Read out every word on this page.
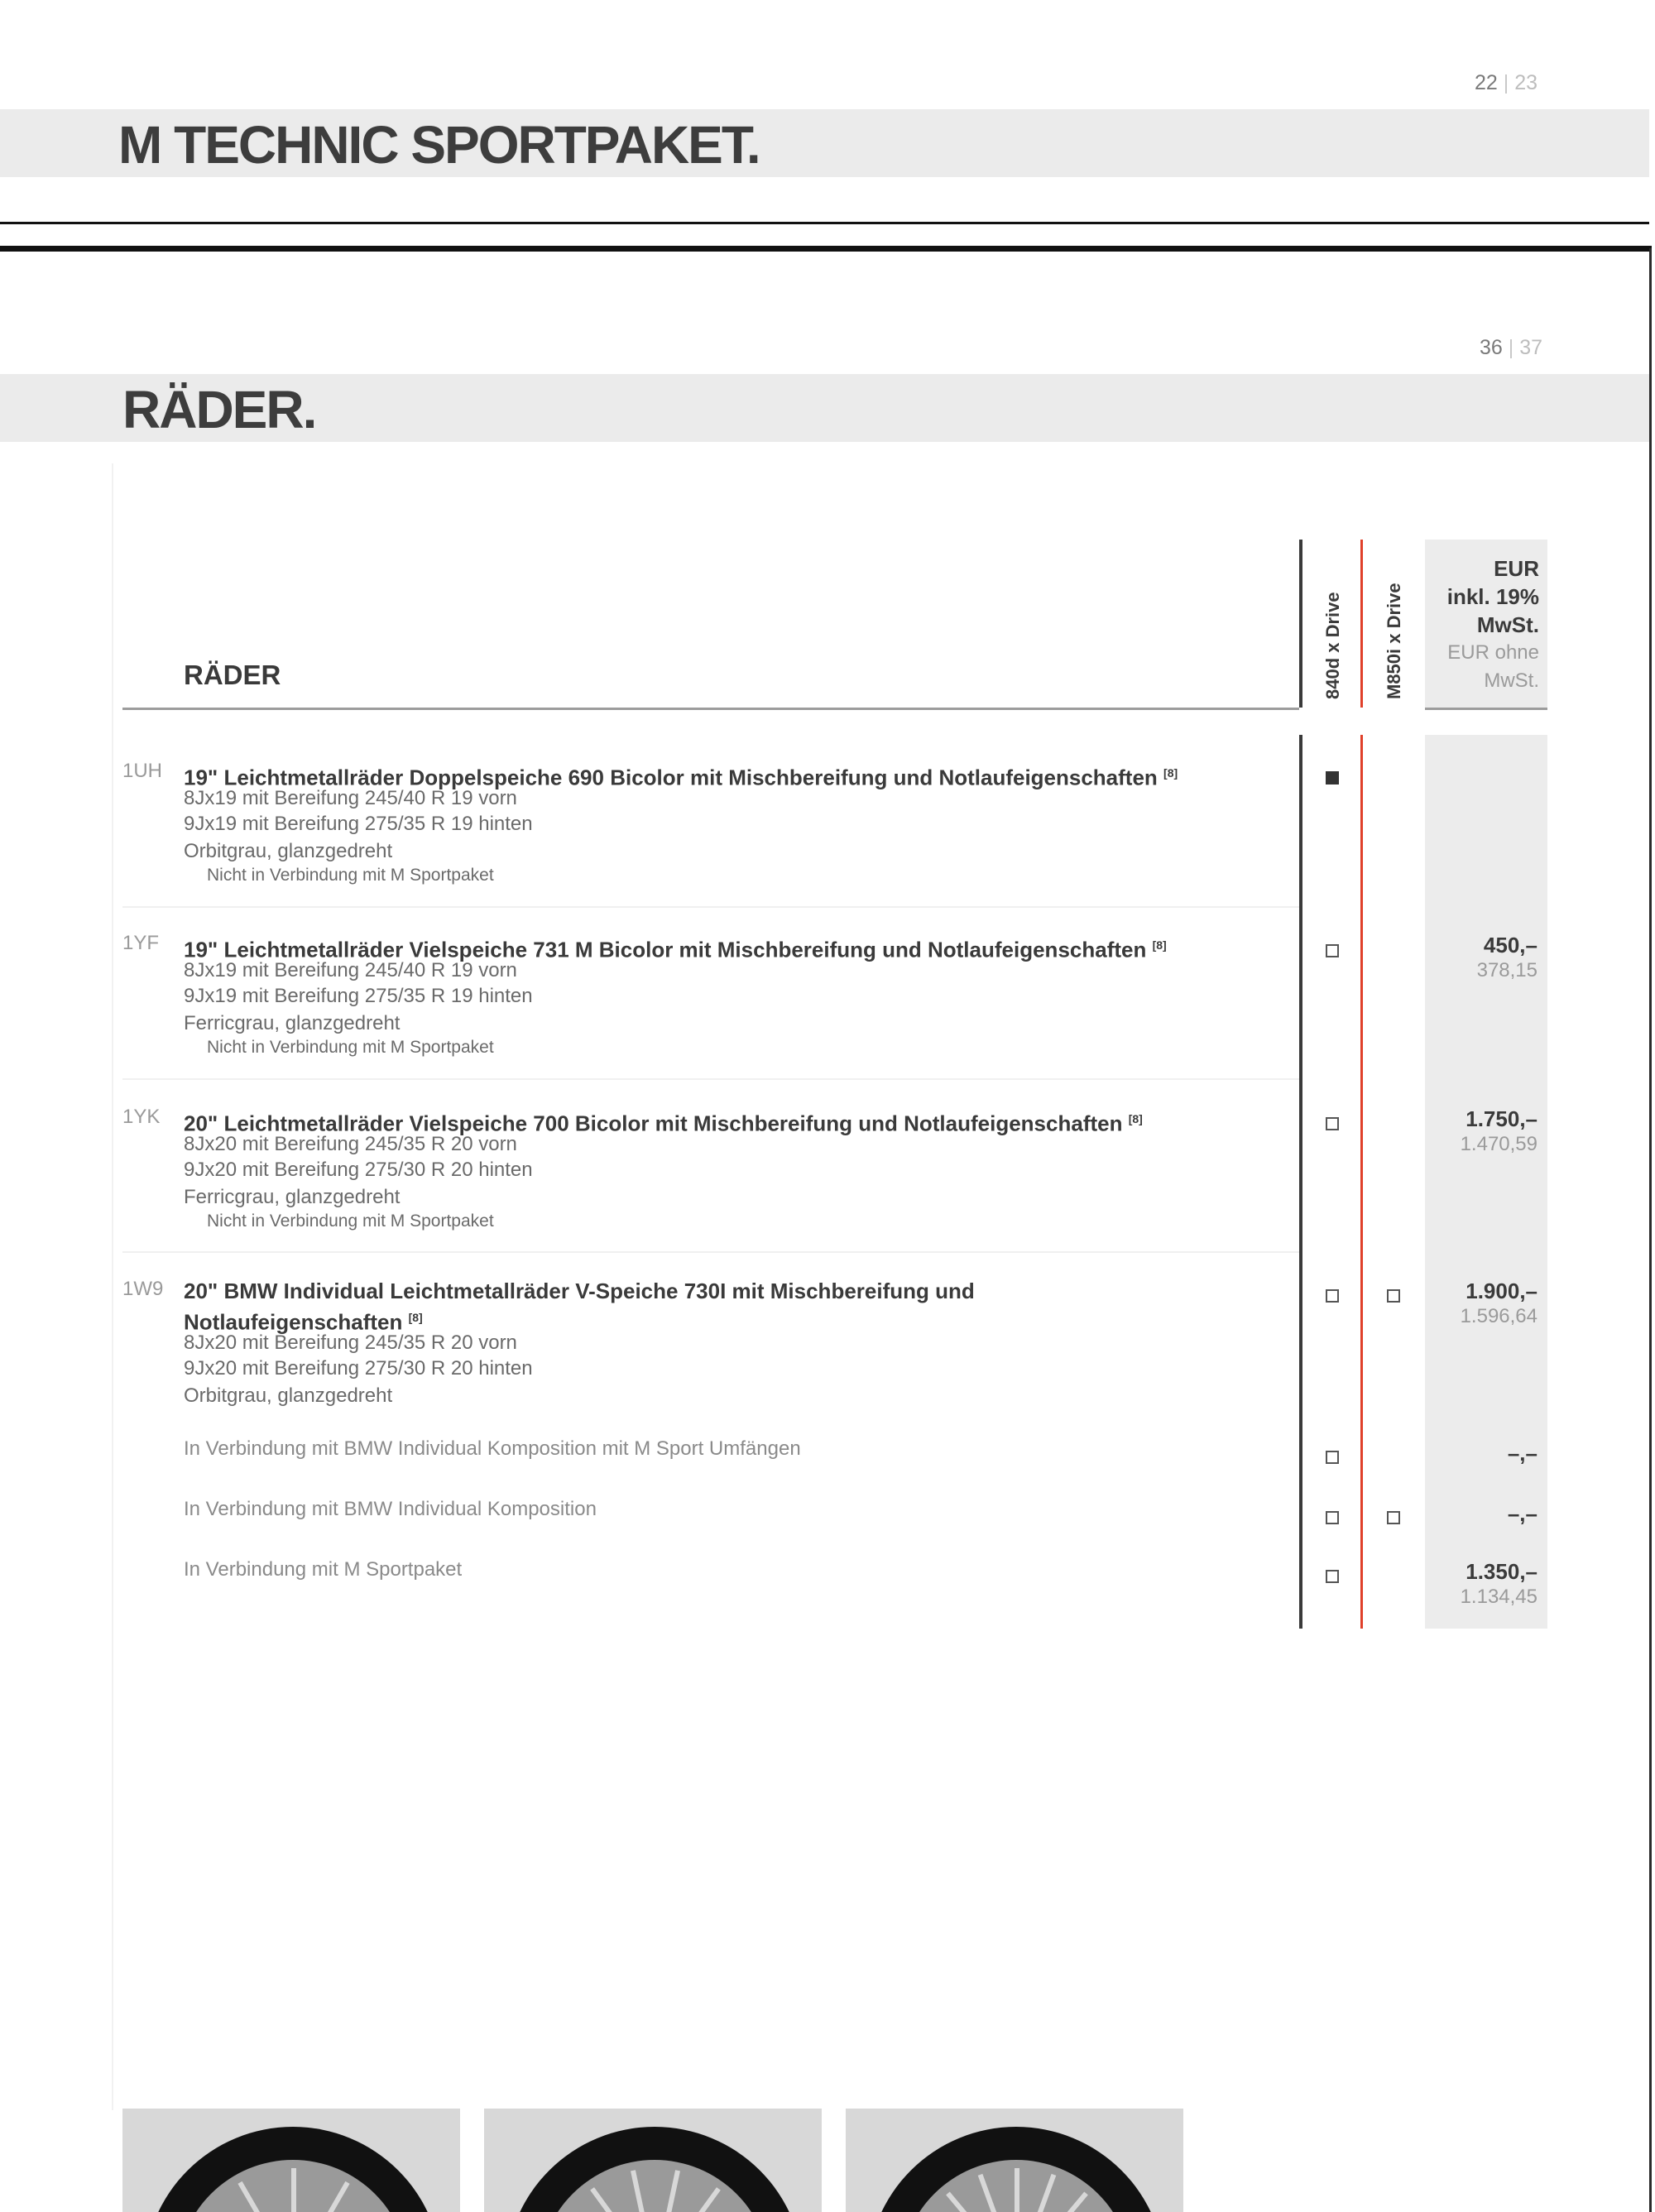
22 | 23
M TECHNIC SPORTPAKET.
36 | 37
RÄDER.
840d x Drive M850i x Drive
EUR
inkl. 19%
MwSt.
EUR ohne
MwSt.
RÄDER
1UH 19" Leichtmetallräder Doppelspeiche 690 Bicolor mit Mischbereifung und Notlaufeigenschaften [8]
8Jx19 mit Bereifung 245/40 R 19 vorn
9Jx19 mit Bereifung 275/35 R 19 hinten
Orbitgrau, glanzgedreht
Nicht in Verbindung mit M Sportpaket
1YF 19" Leichtmetallräder Vielspeiche 731 M Bicolor mit Mischbereifung und Notlaufeigenschaften [8]
8Jx19 mit Bereifung 245/40 R 19 vorn
9Jx19 mit Bereifung 275/35 R 19 hinten
Ferricgrau, glanzgedreht
Nicht in Verbindung mit M Sportpaket
450,–
378,15
1YK 20" Leichtmetallräder Vielspeiche 700 Bicolor mit Mischbereifung und Notlaufeigenschaften [8]
8Jx20 mit Bereifung 245/35 R 20 vorn
9Jx20 mit Bereifung 275/30 R 20 hinten
Ferricgrau, glanzgedreht
Nicht in Verbindung mit M Sportpaket
1.750,–
1.470,59
1W9 20" BMW Individual Leichtmetallräder V-Speiche 730I mit Mischbereifung und
Notlaufeigenschaften [8]
8Jx20 mit Bereifung 245/35 R 20 vorn
9Jx20 mit Bereifung 275/30 R 20 hinten
Orbitgrau, glanzgedreht
In Verbindung mit BMW Individual Komposition mit M Sport Umfängen
In Verbindung mit BMW Individual Komposition
In Verbindung mit M Sportpaket
1.900,–
1.596,64
–,–
–,–
1.350,–
1.134,45
